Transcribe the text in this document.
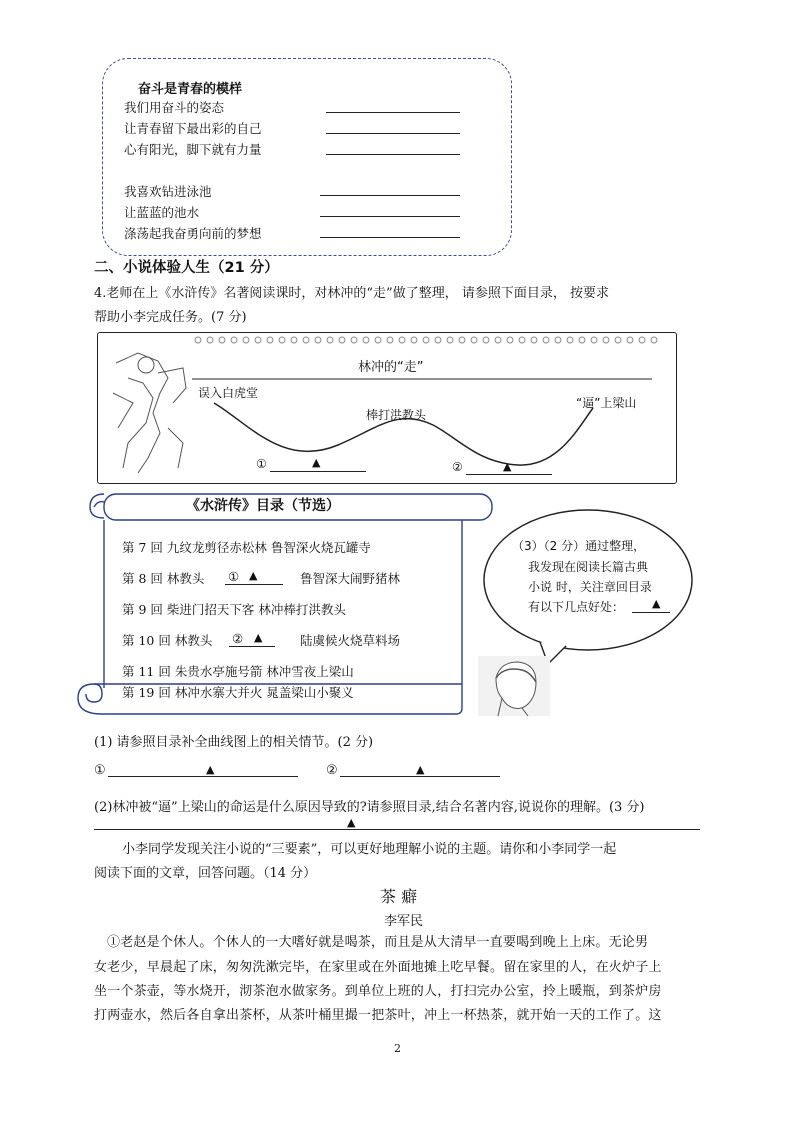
奋斗是青春的模样
我们用奋斗的姿态
让青春留下最出彩的自己
心有阳光，脚下就有力量
我喜欢钻进泳池
让蓝蓝的池水
涤荡起我奋勇向前的梦想
二、小说体验人生（21 分）
4.老师在上《水浒传》名著阅读课时，对林冲的“走”做了整理， 请参照下面目录， 按要求
帮助小李完成任务。(7 分)
林冲的“走”
误入白虎堂
棒打洪教头
“逼”上梁山
①	▲	②	▲
《水浒传》目录（节选）
第 7 回 九纹龙剪径赤松林 鲁智深火烧瓦罐寺
第 8 回 林教头 ① ▲	鲁智深大闹野猪林
第 9 回 柴进门招天下客 林冲棒打洪教头
第 10 回 林教头 ② ▲	陆虞候火烧草料场
第 11 回 朱贵水亭施号箭 林冲雪夜上梁山
第 19 回 林冲水寨大并火 晁盖梁山小聚义
（3）（2 分）通过整理，
我发现在阅读长篇古典
小说 时，关注章回目录
有以下几点好处：	▲
(1) 请参照目录补全曲线图上的相关情节。(2 分)
①	▲	②	▲
(2)林冲被“逼”上梁山的命运是什么原因导致的?请参照目录,结合名著内容,说说你的理解。(3 分)
▲
小李同学发现关注小说的“三要素”，可以更好地理解小说的主题。请你和小李同学一起
阅读下面的文章，回答问题。（14 分）
茶 癖
李军民
①老赵是个休人。个休人的一大嗜好就是喝茶，而且是从大清早一直要喝到晚上上床。无论男
女老少，早晨起了床，匆匆洗漱完毕，在家里或在外面地摊上吃早餐。留在家里的人，在火炉子上
坐一个茶壶，等水烧开，沏茶泡水做家务。到单位上班的人，打扫完办公室，拎上暖瓶，到茶炉房
打两壶水，然后各自拿出茶杯，从茶叶桶里撮一把茶叶，冲上一杯热茶，就开始一天的工作了。这
2
